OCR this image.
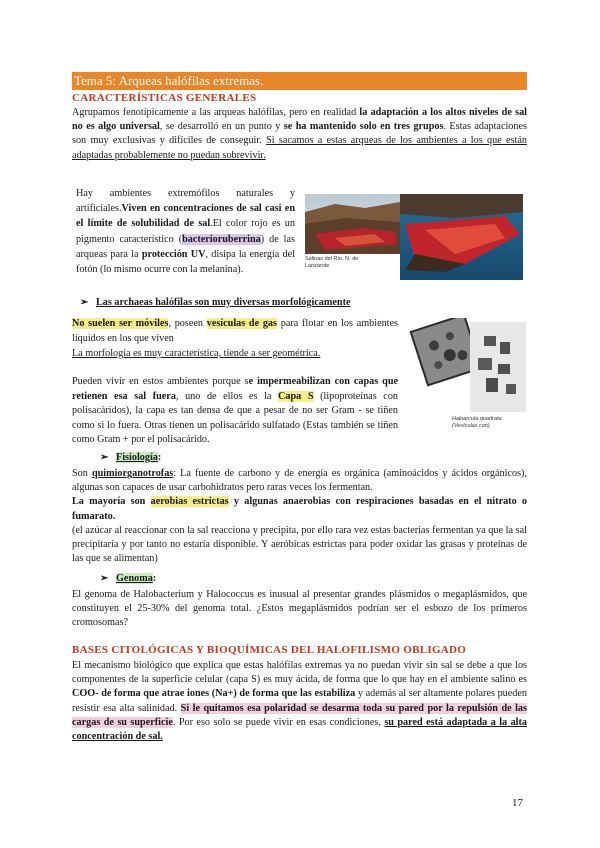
Tema 5: Arqueas halófilas extremas.
CARACTERÍSTICAS GENERALES

Agrupamos fenotípicamente a las arqueas halófilas, pero en realidad la adaptación a los altos niveles de sal no es algo universal, se desarrolló en un punto y se ha mantenido solo en tres grupos. Estas adaptaciones son muy exclusivas y difíciles de conseguir. Si sacamos a estas arqueas de los ambientes a los que están adaptadas probablemente no puedan sobrevivir.

Hay ambientes extremófilos naturales y artificiales.Viven en concentraciones de sal casi en el límite de solubilidad de sal.El color rojo es un pigmento característico (bacterioruberrina) de las arqueas para la protección UV, disipa la energía del fotón (lo mismo ocurre con la melanina).

Salinas del Río, N. de Lanzarote
➢ Las archaeas halófilas son muy diversas morfológicamente

No suelen ser móviles, poseen vesículas de gas para flotar en los ambientes líquidos en los que viven
La morfología es muy característica, tiende a ser geométrica.

Haloarcula quadrata (Vesículas con)

Pueden vivir en estos ambientes porque se impermeabilizan con capas que retienen esa sal fuera, uno de ellos es la Capa S (lipoproteínas con polisacáridos), la capa es tan densa de que a pesar de no ser Gram - se tiñen como si lo fuera. Otras tienen un polisacárido sulfatado (Estas también se tiñen como Gram + por el polisacárido.

➢ Fisiología:

Son quimiorganotrofas: La fuente de carbono y de energía es orgánica (aminoácidos y ácidos orgánicos), algunas son capaces de usar carbohidratos pero raras veces los fermentan.
La mayoría son aerobias estrictas y algunas anaerobias con respiraciones basadas en el nitrato o fumarato.
(el azúcar al reaccionar con la sal reacciona y precipita, por ello rara vez estas bacterias fermentan ya que la sal precipitaría y por tanto no estaría disponible. Y aeróbicas estrictas para poder oxidar las grasas y proteínas de las que se alimentan)

➢ Genoma:

El genoma de Halobacterium y Halococcus es inusual al presentar grandes plásmidos o megaplásmidos, que constituyen el 25-30% del genoma total. ¿Estos megaplásmidos podrían ser el esbozo de los primeros cromosomas?

BASES CITOLÓGICAS Y BIOQUÍMICAS DEL HALOFILISMO OBLIGADO

El mecanismo biológico que explica que estas halófilas extremas ya no puedan vivir sin sal se debe a que los componentes de la superficie celular (capa S) es muy ácida, de forma que lo que hay en el ambiente salino es COO- de forma que atrae iones (Na+) de forma que las estabiliza y además al ser altamente polares pueden resistir esa alta salinidad. Si le quitamos esa polaridad se desarma toda su pared por la repulsión de las cargas de su superficie. Por eso solo se puede vivir en esas condiciones, su pared está adaptada a la alta concentración de sal.

17
